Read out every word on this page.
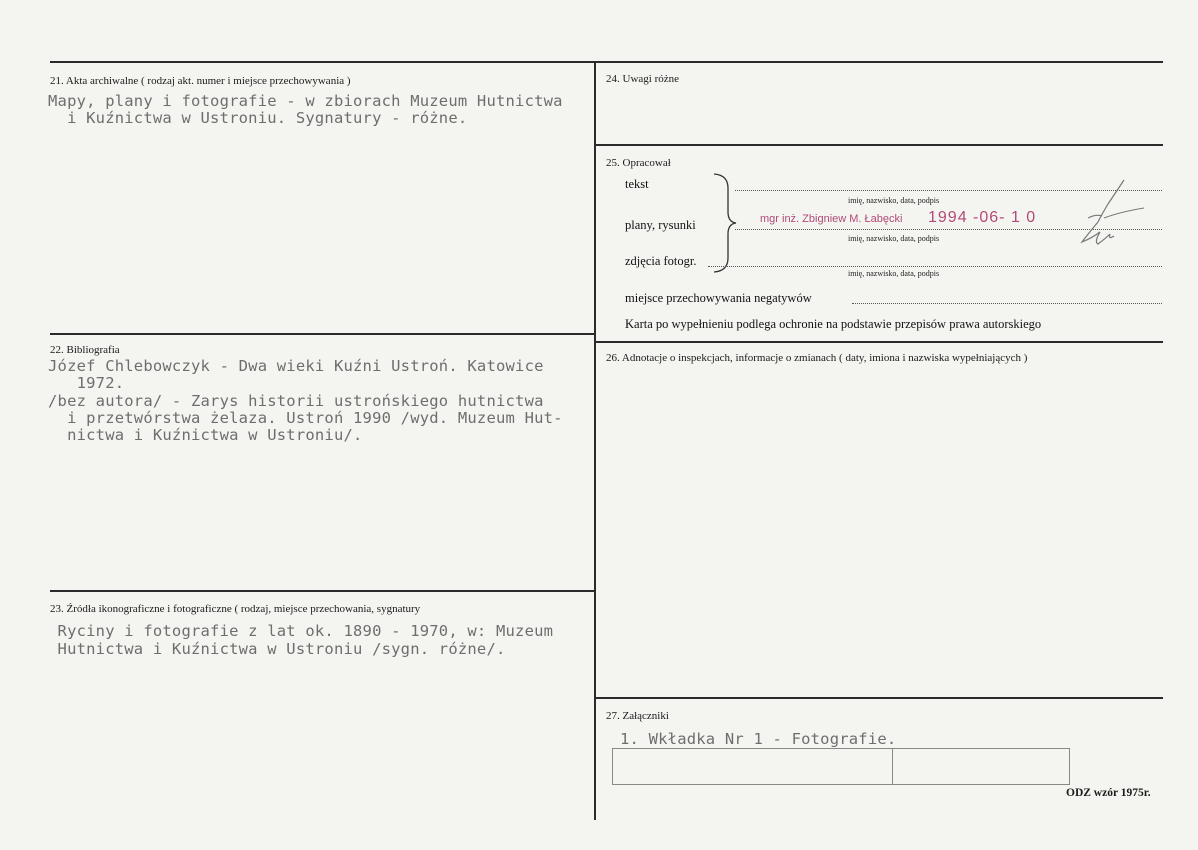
21. Akta archiwalne ( rodzaj akt. numer i miejsce przechowywania )
Mapy, plany i fotografie - w zbiorach Muzeum Hutnictwa
i Kuźnictwa w Ustroniu. Sygnatury - różne.
22. Bibliografia
Józef Chlebowczyk - Dwa wieki Kuźni Ustroń. Katowice
1972.
/bez autora/ - Zarys historii ustrońskiego hutnictwa
i przetwórstwa żelaza. Ustroń 1990 /wyd. Muzeum Hut-
nictwa i Kuźnictwa w Ustroniu/.
23. Źródła ikonograficzne i fotograficzne ( rodzaj, miejsce przechowania, sygnatury
Ryciny i fotografie z lat ok. 1890 - 1970, w: Muzeum
Hutnictwa i Kuźnictwa w Ustroniu /sygn. różne/.
24. Uwagi różne
25. Opracował
tekst
plany, rysunki
zdjęcia fotogr.
imię, nazwisko, data, podpis
imię, nazwisko, data, podpis
imię, nazwisko, data, podpis
mgr inż. Zbigniew M. Łabęcki 1994 -06- 1 0
miejsce przechowywania negatywów
Karta po wypełnieniu podlega ochronie na podstawie przepisów prawa autorskiego
26. Adnotacje o inspekcjach, informacje o zmianach ( daty, imiona i nazwiska wypełniających )
27. Załączniki
1. Wkładka Nr 1 - Fotografie.
ODZ wzór 1975r.
